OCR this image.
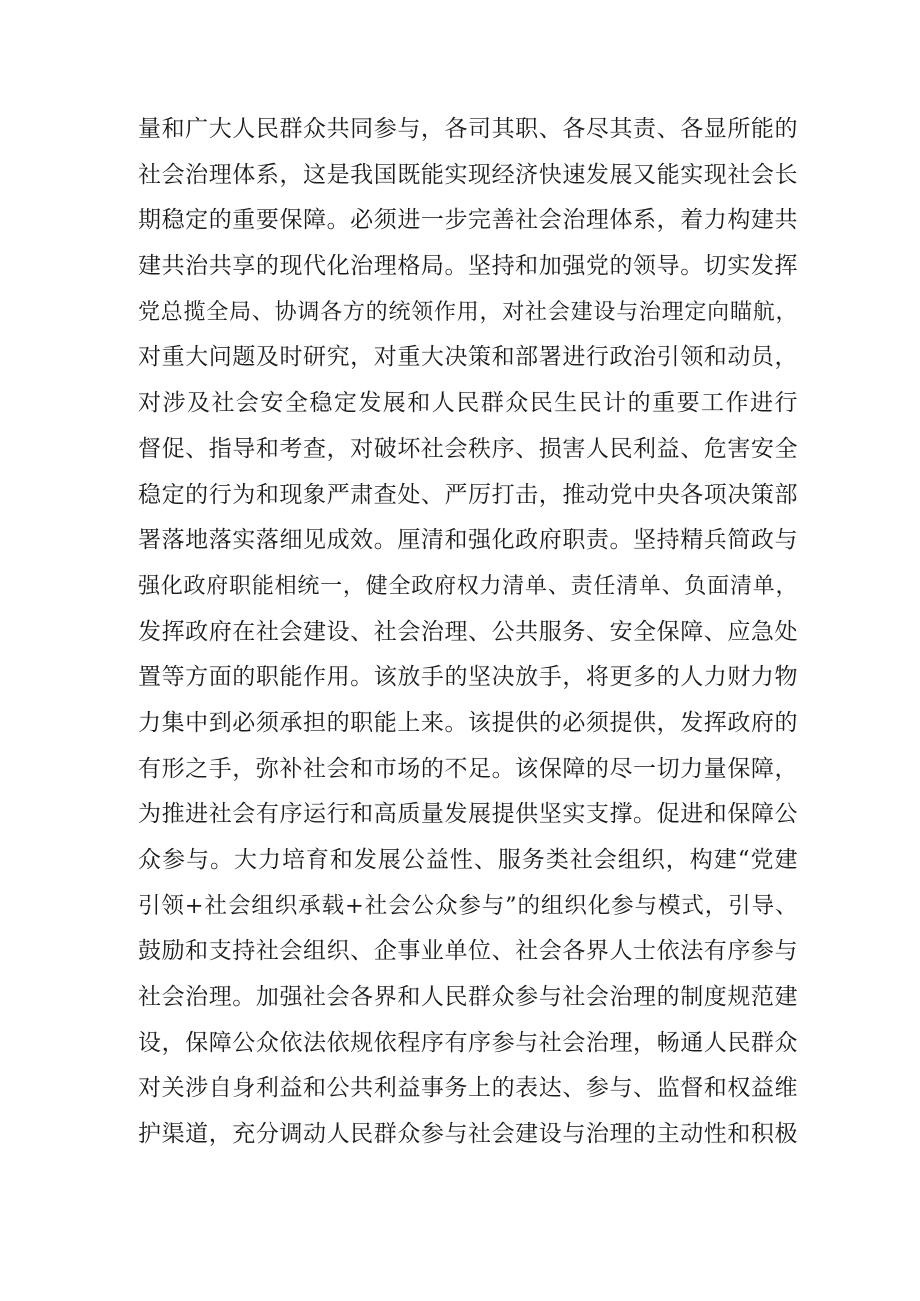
量和广大人民群众共同参与，各司其职、各尽其责、各显所能的
社会治理体系，这是我国既能实现经济快速发展又能实现社会长
期稳定的重要保障。必须进一步完善社会治理体系，着力构建共
建共治共享的现代化治理格局。坚持和加强党的领导。切实发挥
党总揽全局、协调各方的统领作用，对社会建设与治理定向瞄航，
对重大问题及时研究，对重大决策和部署进行政治引领和动员，
对涉及社会安全稳定发展和人民群众民生民计的重要工作进行
督促、指导和考查，对破坏社会秩序、损害人民利益、危害安全
稳定的行为和现象严肃查处、严厉打击，推动党中央各项决策部
署落地落实落细见成效。厘清和强化政府职责。坚持精兵简政与
强化政府职能相统一，健全政府权力清单、责任清单、负面清单，
发挥政府在社会建设、社会治理、公共服务、安全保障、应急处
置等方面的职能作用。该放手的坚决放手，将更多的人力财力物
力集中到必须承担的职能上来。该提供的必须提供，发挥政府的
有形之手，弥补社会和市场的不足。该保障的尽一切力量保障，
为推进社会有序运行和高质量发展提供坚实支撑。促进和保障公
众参与。大力培育和发展公益性、服务类社会组织，构建“党建
引领+社会组织承载+社会公众参与”的组织化参与模式，引导、
鼓励和支持社会组织、企事业单位、社会各界人士依法有序参与
社会治理。加强社会各界和人民群众参与社会治理的制度规范建
设，保障公众依法依规依程序有序参与社会治理，畅通人民群众
对关涉自身利益和公共利益事务上的表达、参与、监督和权益维
护渠道，充分调动人民群众参与社会建设与治理的主动性和积极
